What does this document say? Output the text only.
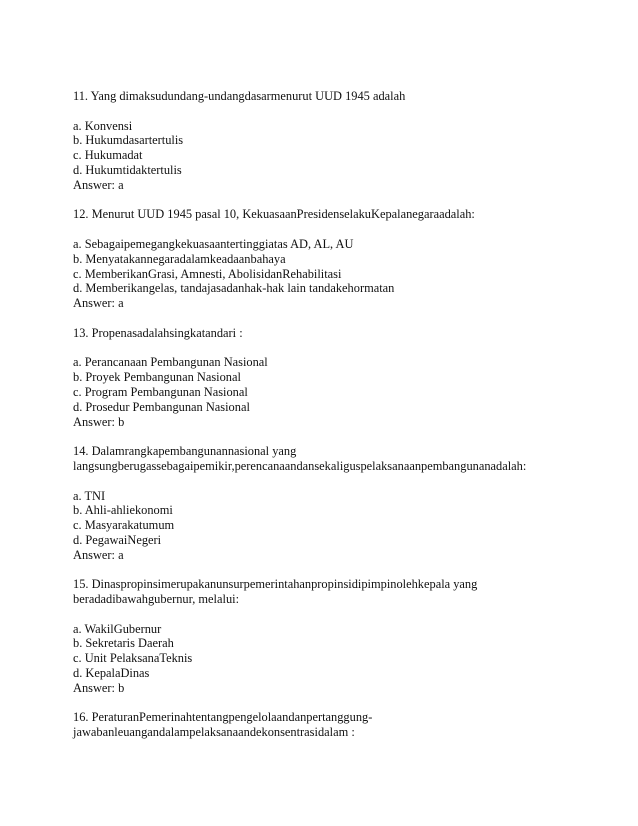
11. Yang dimaksudundang-undangdasarmenurut UUD 1945 adalah

a. Konvensi

b. Hukumdasartertulis

c. Hukumadat

d. Hukumtidaktertulis

Answer: a

12. Menurut UUD 1945 pasal 10, KekuasaanPresidenselakuKepalanegaraadalah:

a. Sebagaipemegangkekuasaantertinggiatas AD, AL, AU

b. Menyatakannegaradalamkeadaanbahaya

c. MemberikanGrasi, Amnesti, AbolisidanRehabilitasi

d. Memberikangelas, tandajasadanhak-hak lain tandakehormatan

Answer: a

13. Propenasadalahsingkatandari :

a. Perancanaan Pembangunan Nasional

b. Proyek Pembangunan Nasional

c. Program Pembangunan Nasional

d. Prosedur Pembangunan Nasional

Answer: b

14. Dalamrangkapembangunannasional yang
langsungberugassebagaipemikir,perencanaandansekaligus​pelaksanaanpembangunanadalah:

a. TNI

b. Ahli-ahliekonomi

c. Masyarakatumum

d. PegawaiNegeri

Answer: a

15. Dinaspropinsimerupakanunsurpemerintahanpropinsidipimpinolehkepala yang
beradadibawahgubernur, melalui:

a. WakilGubernur

b. Sekretaris Daerah

c. Unit PelaksanaTeknis

d. KepalaDinas

Answer: b

16. PeraturanPemerinahtentangpengelolaandanpertanggung-
jawabanleuangandalampelaksanaandekonsentrasidalam :
